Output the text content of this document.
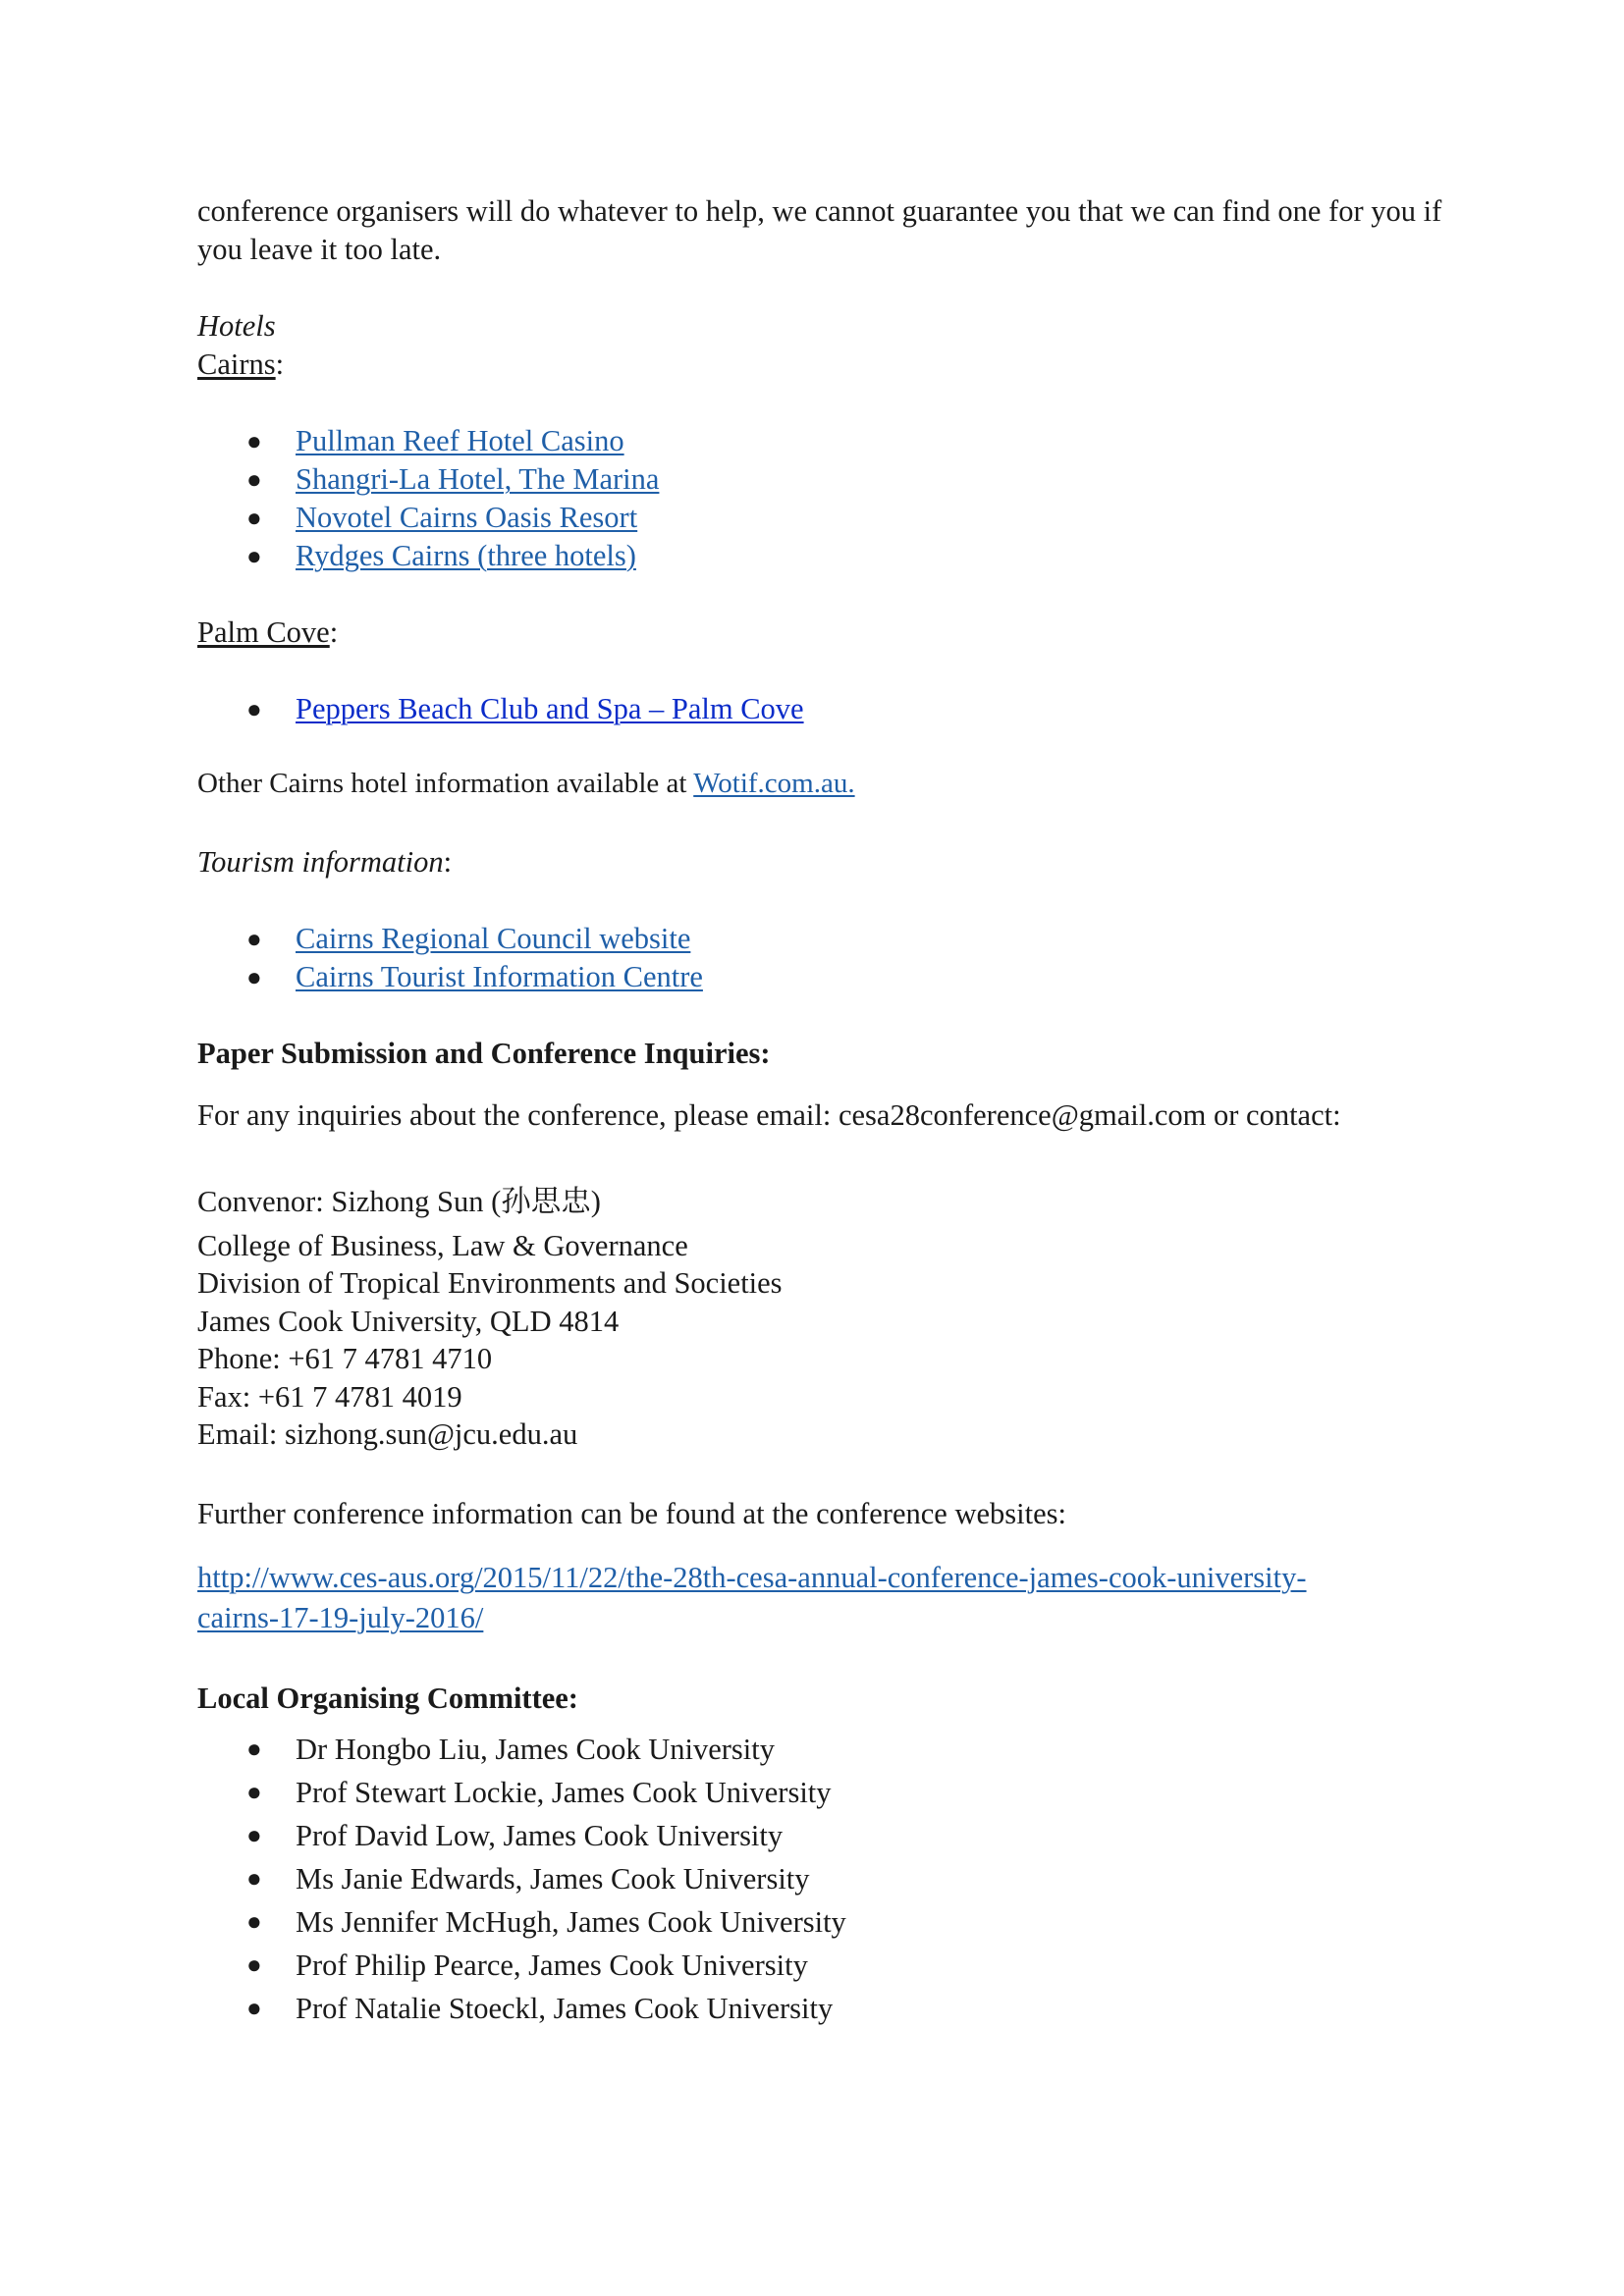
conference organisers will do whatever to help, we cannot guarantee you that we can find one for you if you leave it too late.

Hotels

Cairns:

● Pullman Reef Hotel Casino
● Shangri-La Hotel, The Marina
● Novotel Cairns Oasis Resort
● Rydges Cairns (three hotels)

Palm Cove:

● Peppers Beach Club and Spa – Palm Cove

Other Cairns hotel information available at Wotif.com.au.

Tourism information:

● Cairns Regional Council website
● Cairns Tourist Information Centre

Paper Submission and Conference Inquiries:

For any inquiries about the conference, please email: cesa28conference@gmail.com or contact:

Convenor: Sizhong Sun (孙思忠)

College of Business, Law & Governance

Division of Tropical Environments and Societies

James Cook University, QLD 4814

Phone: +61 7 4781 4710

Fax: +61 7 4781 4019

Email: sizhong.sun@jcu.edu.au

Further conference information can be found at the conference websites:

http://www.ces-aus.org/2015/11/22/the-28th-cesa-annual-conference-james-cook-university-
cairns-17-19-july-2016/

Local Organising Committee:

● Dr Hongbo Liu, James Cook University
● Prof Stewart Lockie, James Cook University
● Prof David Low, James Cook University
● Ms Janie Edwards, James Cook University
● Ms Jennifer McHugh, James Cook University
● Prof Philip Pearce, James Cook University
● Prof Natalie Stoeckl, James Cook University
